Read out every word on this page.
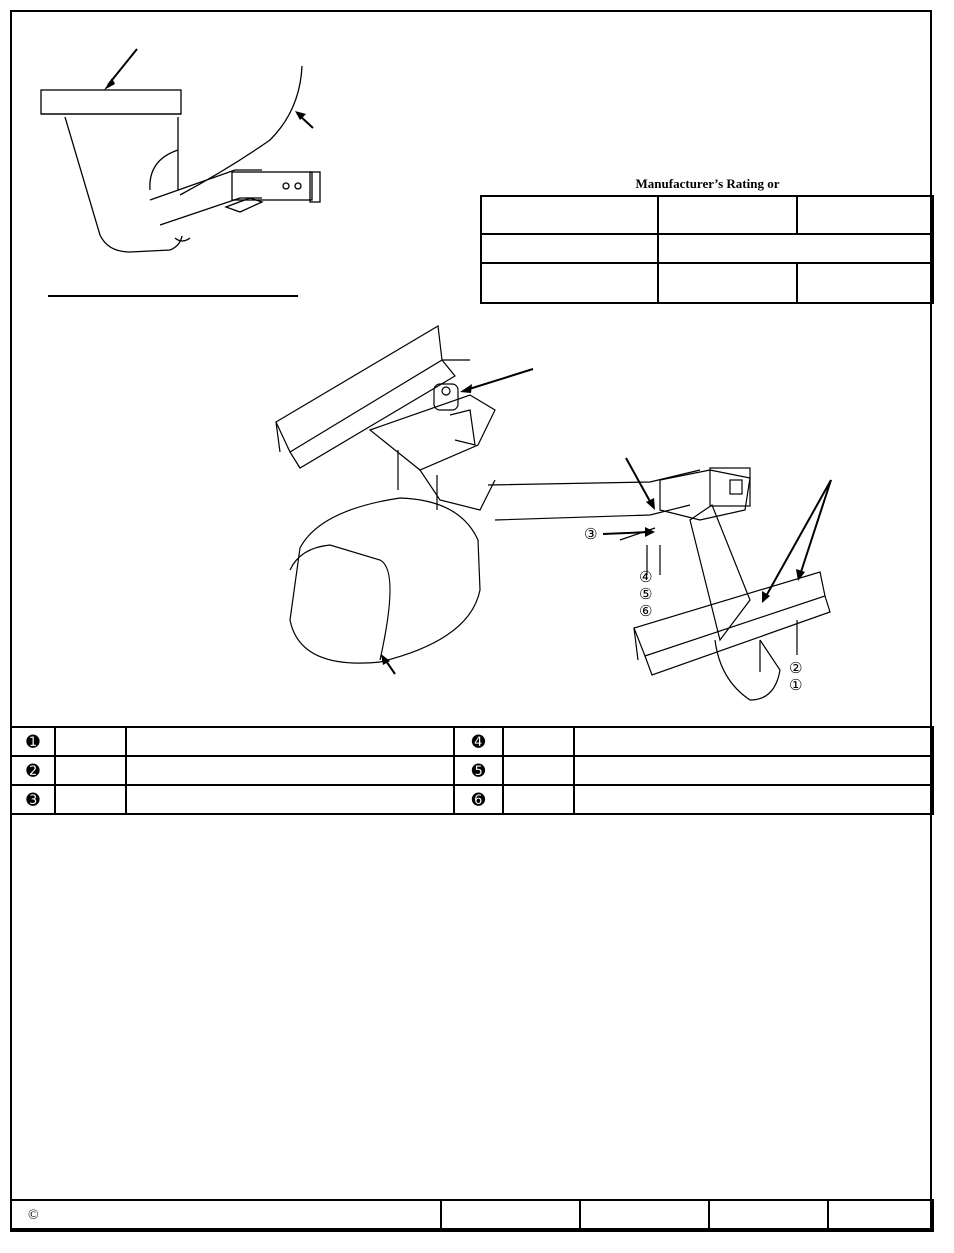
Manufacturer’s Rating or

③
④
⑤
⑥
②
①
➊			➍		
➋			➎		
➌			➏		
©				
